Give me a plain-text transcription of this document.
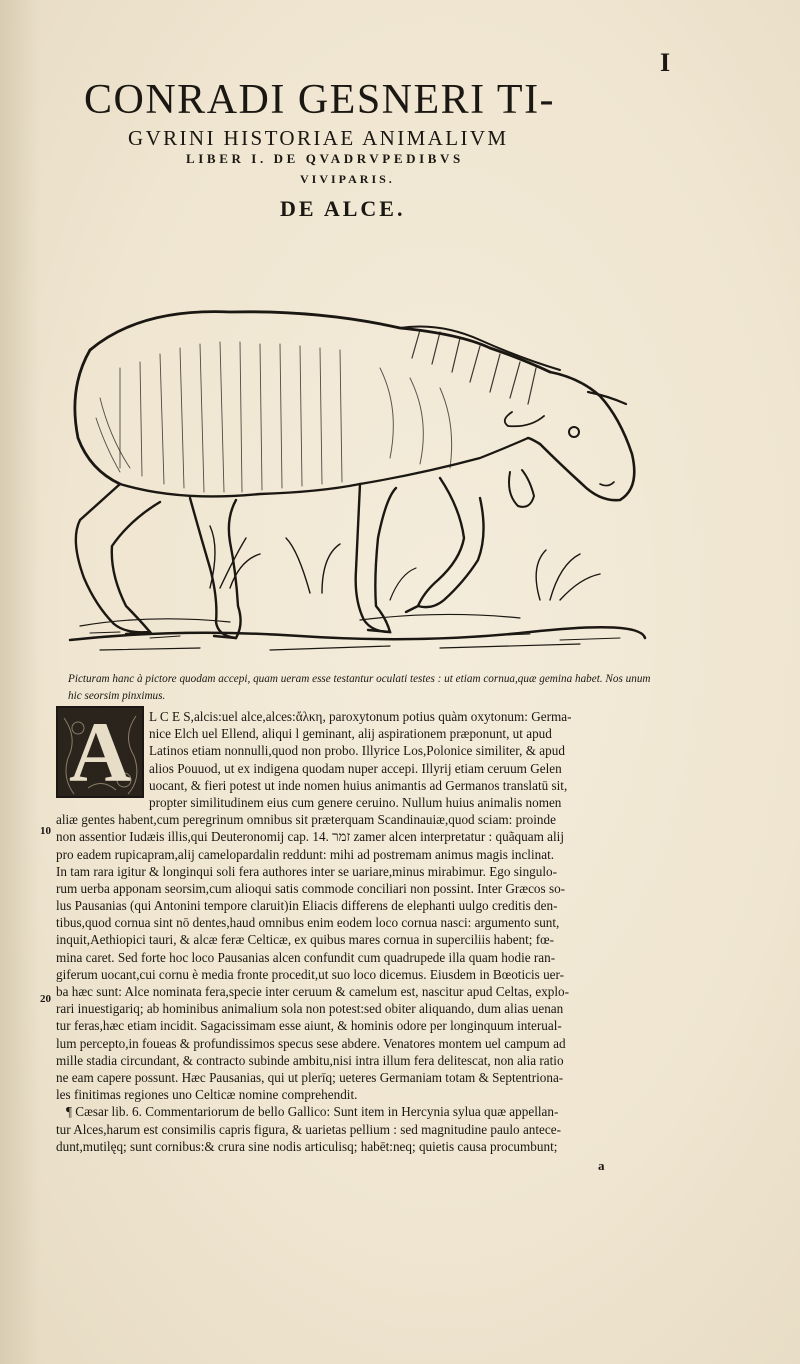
I
CONRADI GESNERI TI-
GVRINI HISTORIAE ANIMALIVM
LIBER I. DE QVADRVPEDIBVS
VIVIPARIS.
DE ALCE.
Picturam hanc à pictore quodam accepi, quam ueram esse testantur oculati testes : ut etiam cornua,quæ gemina habet. Nos unum
hic seorsim pinximus.
A
10
20
L C E S,alcis:uel alce,alces:ἄλκη, paroxytonum potius quàm oxytonum: Germa-
nice Elch uel Ellend, aliqui l geminant, alij aspirationem præponunt, ut apud
Latinos etiam nonnulli,quod non probo. Illyrice Los,Polonice similiter, & apud
alios Pouuod, ut ex indigena quodam nuper accepi. Illyrij etiam ceruum Gelen
uocant, & fieri potest ut inde nomen huius animantis ad Germanos translatū sit,
propter similitudinem eius cum genere ceruino. Nullum huius animalis nomen
aliæ gentes habent,cum peregrinum omnibus sit præterquam Scandinauiæ,quod sciam: proinde
non assentior Iudæis illis,qui Deuteronomij cap. 14. זמר zamer alcen interpretatur : quãquam alij
pro eadem rupicapram,alij camelopardalin reddunt: mihi ad postremam animus magis inclinat.
In tam rara igitur & longinqui soli fera authores inter se uariare,minus mirabimur. Ego singulo-
rum uerba apponam seorsim,cum alioqui satis commode conciliari non possint. Inter Græcos so-
lus Pausanias (qui Antonini tempore claruit)in Eliacis differens de elephanti uulgo creditis den-
tibus,quod cornua sint nō dentes,haud omnibus enim eodem loco cornua nasci: argumento sunt,
inquit,Aethiopici tauri, & alcæ feræ Celticæ, ex quibus mares cornua in superciliis habent; fœ-
mina caret. Sed forte hoc loco Pausanias alcen confundit cum quadrupede illa quam hodie ran-
giferum uocant,cui cornu è media fronte procedit,ut suo loco dicemus. Eiusdem in Bœoticis uer-
ba hæc sunt: Alce nominata fera,specie inter ceruum & camelum est, nascitur apud Celtas, explo-
rari inuestigariq; ab hominibus animalium sola non potest:sed obiter aliquando, dum alias uenan
tur feras,hæc etiam incidit. Sagacissimam esse aiunt, & hominis odore per longinquum interual-
lum percepto,in foueas & profundissimos specus sese abdere. Venatores montem uel campum ad
mille stadia circundant, & contracto subinde ambitu,nisi intra illum fera delitescat, non alia ratio
ne eam capere possunt. Hæc Pausanias, qui ut plerīq; ueteres Germaniam totam & Septentriona-
les finitimas regiones uno Celticæ nomine comprehendit.
¶ Cæsar lib. 6. Commentariorum de bello Gallico: Sunt item in Hercynia sylua quæ appellan-
tur Alces,harum est consimilis capris figura, & uarietas pellium : sed magnitudine paulo antece-
dunt,mutilęq; sunt cornibus:& crura sine nodis articulisq; habēt:neq; quietis causa procumbunt;
a
